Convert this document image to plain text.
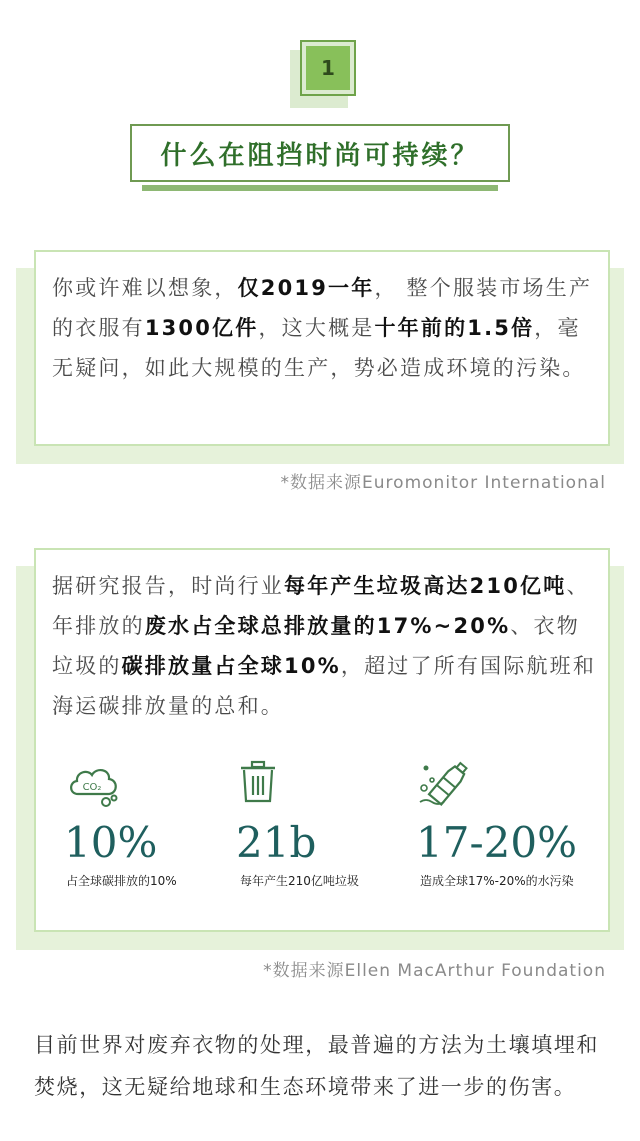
1
什么在阻挡时尚可持续？
你或许难以想象，仅2019一年， 整个服装市场生产的衣服有1300亿件，这大概是十年前的1.5倍，毫无疑问，如此大规模的生产，势必造成环境的污染。
*数据来源Euromonitor International
据研究报告，时尚行业每年产生垃圾高达210亿吨、年排放的废水占全球总排放量的17%~20%、衣物垃圾的碳排放量占全球10%，超过了所有国际航班和海运碳排放量的总和。
CO₂
10%
占全球碳排放的10%
21b
每年产生210亿吨垃圾
17-20%
造成全球17%-20%的水污染
*数据来源Ellen MacArthur Foundation
目前世界对废弃衣物的处理，最普遍的方法为土壤填埋和焚烧，这无疑给地球和生态环境带来了进一步的伤害。
